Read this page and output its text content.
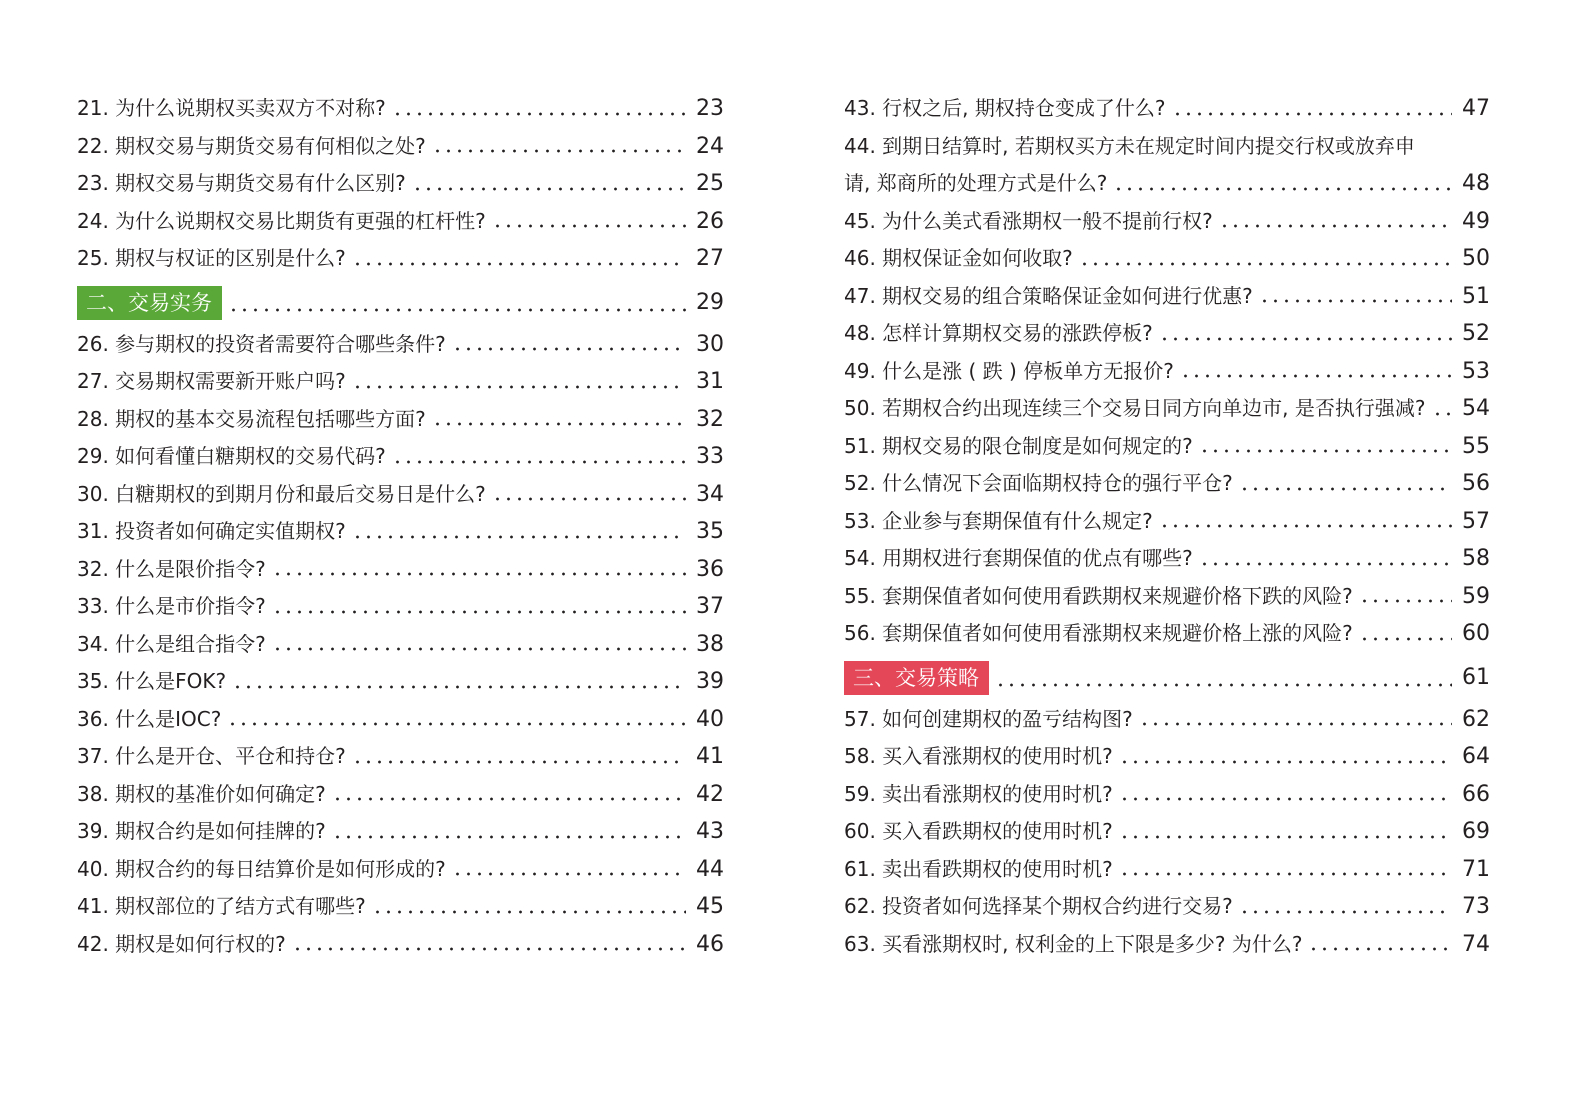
21. 为什么说期权买卖双方不对称?	23
22. 期权交易与期货交易有何相似之处?	24
23. 期权交易与期货交易有什么区别?	25
24. 为什么说期权交易比期货有更强的杠杆性?	26
25. 期权与权证的区别是什么?	27
二、交易实务	29
26. 参与期权的投资者需要符合哪些条件?	30
27. 交易期权需要新开账户吗?	31
28. 期权的基本交易流程包括哪些方面?	32
29. 如何看懂白糖期权的交易代码?	33
30. 白糖期权的到期月份和最后交易日是什么?	34
31. 投资者如何确定实值期权?	35
32. 什么是限价指令?	36
33. 什么是市价指令?	37
34. 什么是组合指令?	38
35. 什么是FOK?	39
36. 什么是IOC?	40
37. 什么是开仓、平仓和持仓?	41
38. 期权的基准价如何确定?	42
39. 期权合约是如何挂牌的?	43
40. 期权合约的每日结算价是如何形成的?	44
41. 期权部位的了结方式有哪些?	45
42. 期权是如何行权的?	46
43. 行权之后, 期权持仓变成了什么?	47
44. 到期日结算时, 若期权买方未在规定时间内提交行权或放弃申
请, 郑商所的处理方式是什么?	48
45. 为什么美式看涨期权一般不提前行权?	49
46. 期权保证金如何收取?	50
47. 期权交易的组合策略保证金如何进行优惠?	51
48. 怎样计算期权交易的涨跌停板?	52
49. 什么是涨 ( 跌 ) 停板单方无报价?	53
50. 若期权合约出现连续三个交易日同方向单边市, 是否执行强减? 54
51. 期权交易的限仓制度是如何规定的?	55
52. 什么情况下会面临期权持仓的强行平仓?	56
53. 企业参与套期保值有什么规定?	57
54. 用期权进行套期保值的优点有哪些?	58
55. 套期保值者如何使用看跌期权来规避价格下跌的风险?	59
56. 套期保值者如何使用看涨期权来规避价格上涨的风险?	60
三、交易策略	61
57. 如何创建期权的盈亏结构图?	62
58. 买入看涨期权的使用时机?	64
59. 卖出看涨期权的使用时机?	66
60. 买入看跌期权的使用时机?	69
61. 卖出看跌期权的使用时机?	71
62. 投资者如何选择某个期权合约进行交易?	73
63. 买看涨期权时, 权利金的上下限是多少? 为什么?	74
